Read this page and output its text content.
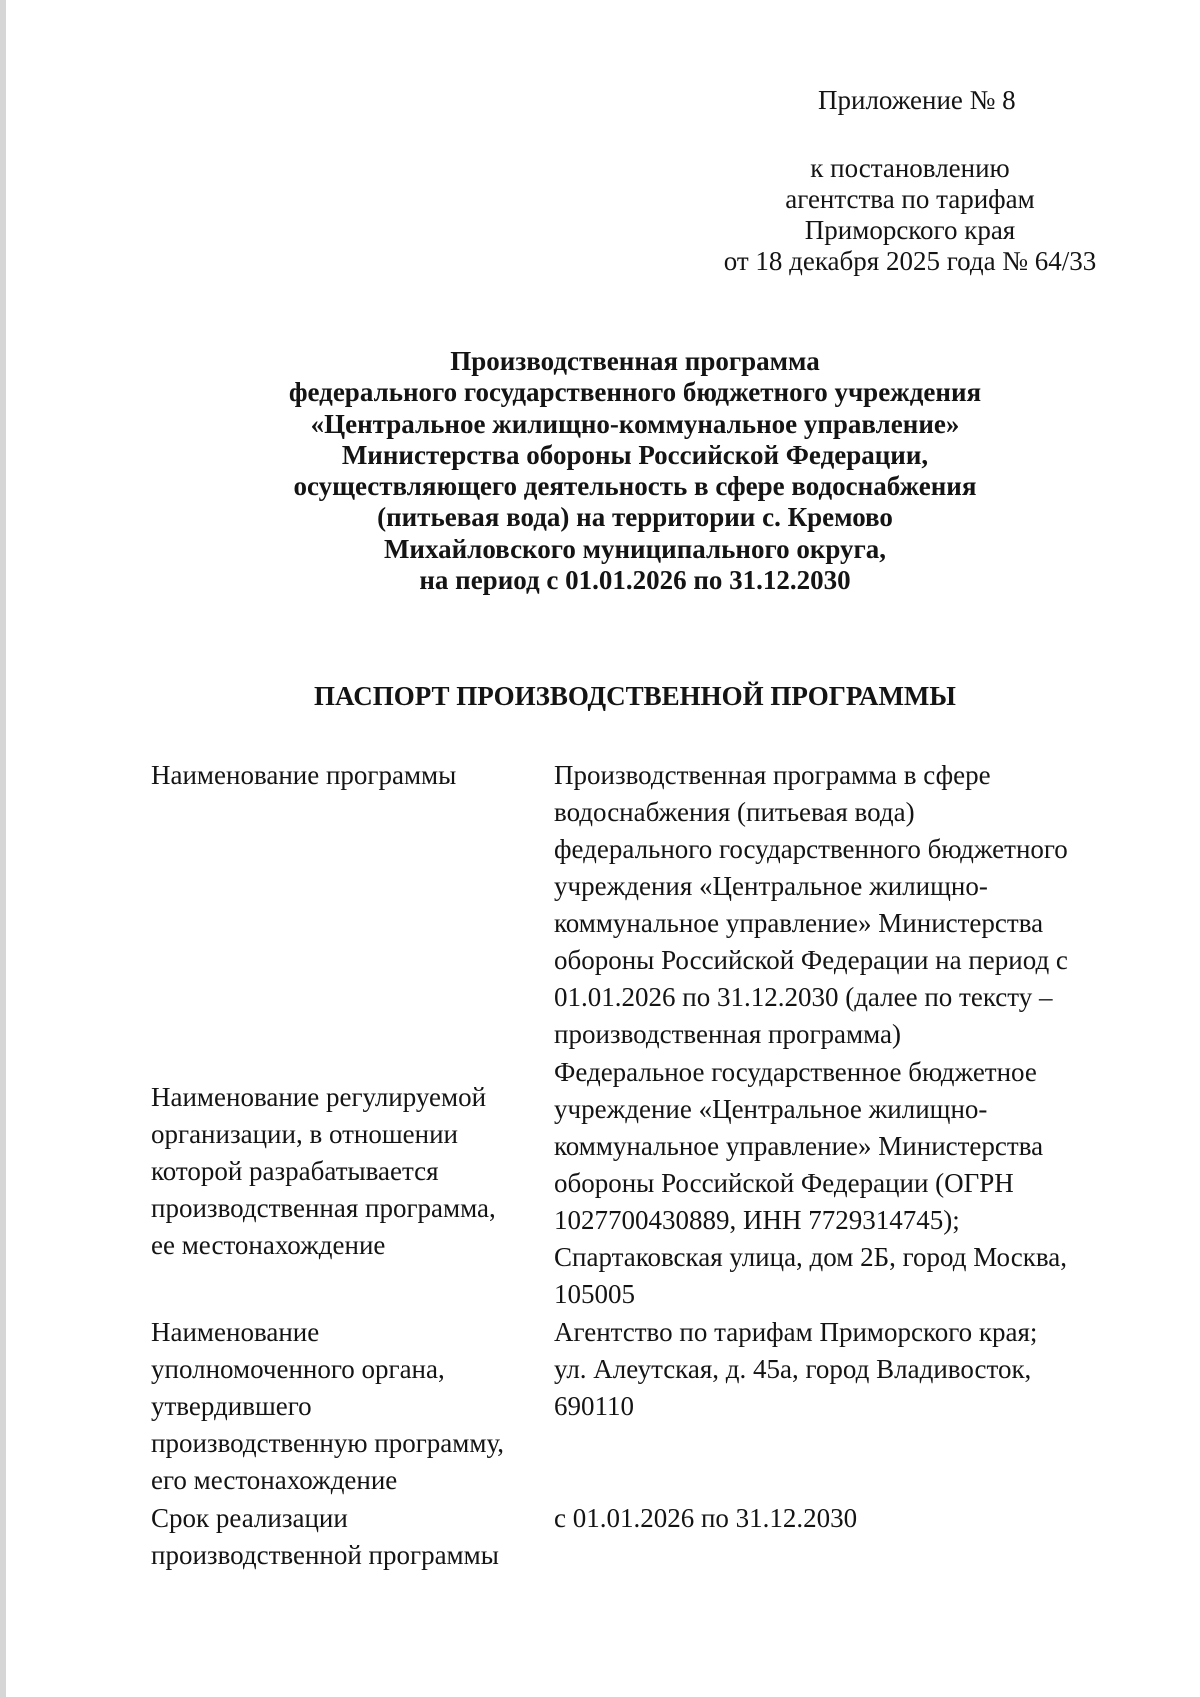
Приложение № 8
к постановлению
агентства по тарифам
Приморского края
от 18 декабря 2025 года № 64/33
Производственная программа
федерального государственного бюджетного учреждения
«Центральное жилищно-коммунальное управление»
Министерства обороны Российской Федерации,
осуществляющего деятельность в сфере водоснабжения
(питьевая вода) на территории с. Кремово
Михайловского муниципального округа,
на период с 01.01.2026 по 31.12.2030
ПАСПОРТ ПРОИЗВОДСТВЕННОЙ ПРОГРАММЫ
Наименование программы	Производственная программа в сфере
водоснабжения (питьевая вода)
федерального государственного бюджетного
учреждения «Центральное жилищно-
коммунальное управление» Министерства
обороны Российской Федерации на период с
01.01.2026 по 31.12.2030 (далее по тексту –
производственная программа)
Наименование регулируемой
организации, в отношении
которой разрабатывается
производственная программа,
ее местонахождение
Федеральное государственное бюджетное
учреждение «Центральное жилищно-
коммунальное управление» Министерства
обороны Российской Федерации (ОГРН
1027700430889, ИНН 7729314745);
Спартаковская улица, дом 2Б, город Москва,
105005
Наименование
уполномоченного органа,
утвердившего
производственную программу,
его местонахождение
Агентство по тарифам Приморского края;
ул. Алеутская, д. 45а, город Владивосток,
690110
Срок реализации
производственной программы
с 01.01.2026 по 31.12.2030
